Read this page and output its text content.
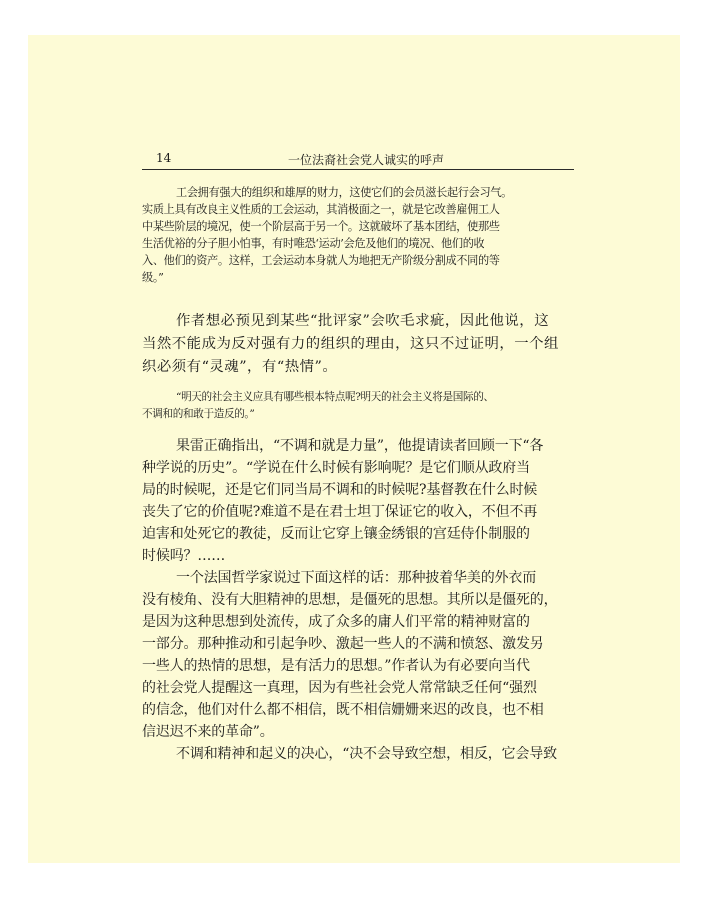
14	一位法裔社会党人诚实的呼声
工会拥有强大的组织和雄厚的财力，这使它们的会员滋长起行会习气。
实质上具有改良主义性质的工会运动，其消极面之一，就是它改善雇佣工人
中某些阶层的境况，使一个阶层高于另一个。这就破坏了基本团结，使那些
生活优裕的分子胆小怕事，有时唯恐‘运动’会危及他们的境况、他们的收
入、他们的资产。这样，工会运动本身就人为地把无产阶级分割成不同的等
级。”
作者想必预见到某些“批评家”会吹毛求疵，因此他说，这
当然不能成为反对强有力的组织的理由，这只不过证明，一个组
织必须有“灵魂”，有“热情”。
“明天的社会主义应具有哪些根本特点呢?明天的社会主义将是国际的、
不调和的和敢于造反的。”
果雷正确指出，“不调和就是力量”，他提请读者回顾一下“各
种学说的历史”。“学说在什么时候有影响呢？是它们顺从政府当
局的时候呢，还是它们同当局不调和的时候呢?基督教在什么时候
丧失了它的价值呢?难道不是在君士坦丁保证它的收入，不但不再
迫害和处死它的教徒，反而让它穿上镶金绣银的宫廷侍仆制服的
时候吗？……
一个法国哲学家说过下面这样的话：那种披着华美的外衣而
没有棱角、没有大胆精神的思想，是僵死的思想。其所以是僵死的，
是因为这种思想到处流传，成了众多的庸人们平常的精神财富的
一部分。那种推动和引起争吵、激起一些人的不满和愤怒、激发另
一些人的热情的思想，是有活力的思想。”作者认为有必要向当代
的社会党人提醒这一真理，因为有些社会党人常常缺乏任何“强烈
的信念，他们对什么都不相信，既不相信姗姗来迟的改良，也不相
信迟迟不来的革命”。
不调和精神和起义的决心，“决不会导致空想，相反，它会导致
